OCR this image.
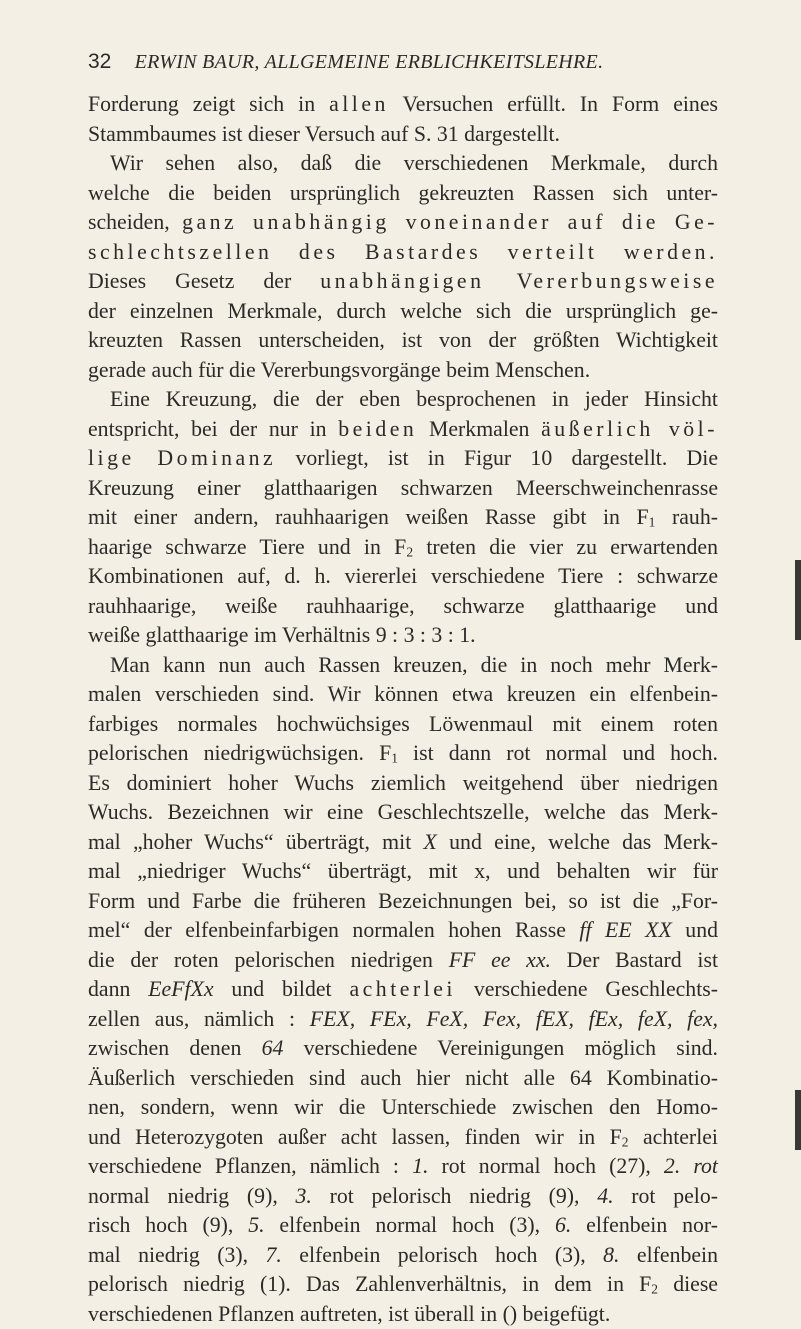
32 ERWIN BAUR, ALLGEMEINE ERBLICHKEITSLEHRE.
Forderung zeigt sich in allen Versuchen erfüllt. In Form eines
Stammbaumes ist dieser Versuch auf S. 31 dargestellt.
Wir sehen also, daß die verschiedenen Merkmale, durch
welche die beiden ursprünglich gekreuzten Rassen sich unter-
scheiden, ganz unabhängig voneinander auf die Ge-
schlechtszellen des Bastardes verteilt werden.
Dieses Gesetz der unabhängigen Vererbungsweise
der einzelnen Merkmale, durch welche sich die ursprünglich ge-
kreuzten Rassen unterscheiden, ist von der größten Wichtigkeit
gerade auch für die Vererbungsvorgänge beim Menschen.
Eine Kreuzung, die der eben besprochenen in jeder Hinsicht
entspricht, bei der nur in beiden Merkmalen äußerlich völ-
lige Dominanz vorliegt, ist in Figur 10 dargestellt. Die
Kreuzung einer glatthaarigen schwarzen Meerschweinchenrasse
mit einer andern, rauhhaarigen weißen Rasse gibt in $F_1$ rauh-
haarige schwarze Tiere und in $F_2$ treten die vier zu erwartenden
Kombinationen auf, d. h. viererlei verschiedene Tiere : schwarze
rauhhaarige, weiße rauhhaarige, schwarze glatthaarige und
weiße glatthaarige im Verhältnis 9 : 3 : 3 : 1.
Man kann nun auch Rassen kreuzen, die in noch mehr Merk-
malen verschieden sind. Wir können etwa kreuzen ein elfenbein-
farbiges normales hochwüchsiges Löwenmaul mit einem roten
pelorischen niedrigwüchsigen. $F_1$ ist dann rot normal und hoch.
Es dominiert hoher Wuchs ziemlich weitgehend über niedrigen
Wuchs. Bezeichnen wir eine Geschlechtszelle, welche das Merk-
mal „hoher Wuchs“ überträgt, mit X und eine, welche das Merk-
mal „niedriger Wuchs“ überträgt, mit x, und behalten wir für
Form und Farbe die früheren Bezeichnungen bei, so ist die „For-
mel“ der elfenbeinfarbigen normalen hohen Rasse ff EE XX und
die der roten pelorischen niedrigen FF ee xx. Der Bastard ist
dann EeFfXx und bildet achterlei verschiedene Geschlechts-
zellen aus, nämlich : FEX, FEx, FeX, Fex, fEX, fEx, feX, fex,
zwischen denen 64 verschiedene Vereinigungen möglich sind.
Äußerlich verschieden sind auch hier nicht alle 64 Kombinatio-
nen, sondern, wenn wir die Unterschiede zwischen den Homo-
und Heterozygoten außer acht lassen, finden wir in $F_2$ achterlei
verschiedene Pflanzen, nämlich : 1. rot normal hoch (27), 2. rot
normal niedrig (9), 3. rot pelorisch niedrig (9), 4. rot pelo-
risch hoch (9), 5. elfenbein normal hoch (3), 6. elfenbein nor-
mal niedrig (3), 7. elfenbein pelorisch hoch (3), 8. elfenbein
pelorisch niedrig (1). Das Zahlenverhältnis, in dem in $F_2$ diese
verschiedenen Pflanzen auftreten, ist überall in () beigefügt.
